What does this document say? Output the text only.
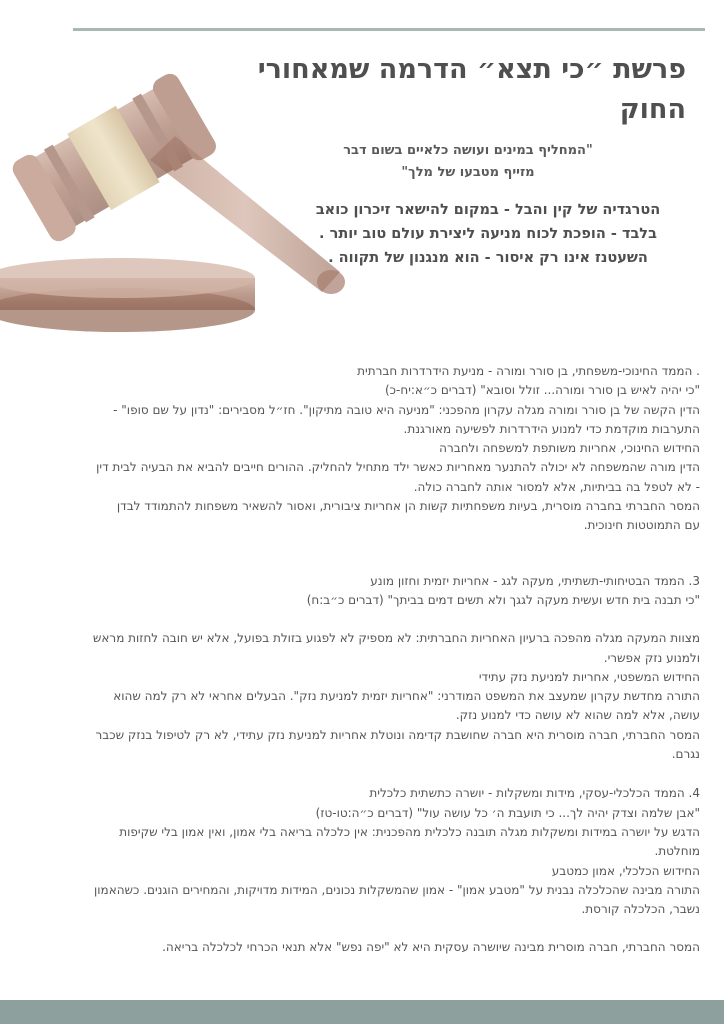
פרשת ״כי תצא״ הדרמה שמאחורי החוק
"המחליף במינים ועושה כלאיים בשום דבר
מזייף מטבעו של מלך"
הטרגדיה של קין והבל - במקום להישאר זיכרון כואב
בלבד - הופכת לכוח מניעה ליצירת עולם טוב יותר .
השעטנז אינו רק איסור - הוא מנגנון של תקווה .

. הממד החינוכי-משפחתי, בן סורר ומורה - מניעת הידרדרות חברתית

"כי יהיה לאיש בן סורר ומורה... זולל וסובא" (דברים כ״א:יח-כ)

הדין הקשה של בן סורר ומורה מגלה עקרון מהפכני: "מניעה היא טובה מתיקון". חז״ל מסבירים: "נדון על שם סופו" -

התערבות מוקדמת כדי למנוע הידרדרות לפשיעה מאורגנת.

החידוש החינוכי, אחריות משותפת למשפחה ולחברה

הדין מורה שהמשפחה לא יכולה להתנער מאחריות כאשר ילד מתחיל להחליק. ההורים חייבים להביא את הבעיה לבית דין

- לא לטפל בה בביתיות, אלא למסור אותה לחברה כולה.

המסר החברתי בחברה מוסרית, בעיות משפחתיות קשות הן אחריות ציבורית, ואסור להשאיר משפחות להתמודד לבדן

עם התמוטטות חינוכית.

3. הממד הבטיחותי-תשתיתי, מעקה לגג - אחריות יזמית וחזון מונע

"כי תבנה בית חדש ועשית מעקה לגגך ולא תשים דמים בביתך" (דברים כ״ב:ח)

מצוות המעקה מגלה מהפכה ברעיון האחריות החברתית: לא מספיק לא לפגוע בזולת בפועל, אלא יש חובה לחזות מראש

ולמנוע נזק אפשרי.

החידוש המשפטי, אחריות למניעת נזק עתידי

התורה מחדשת עקרון שמעצב את המשפט המודרני: "אחריות יזמית למניעת נזק". הבעלים אחראי לא רק למה שהוא

עושה, אלא למה שהוא לא עושה כדי למנוע נזק.

המסר החברתי, חברה מוסרית היא חברה שחושבת קדימה ונוטלת אחריות למניעת נזק עתידי, לא רק לטיפול בנזק שכבר

נגרם.

4. הממד הכלכלי-עסקי, מידות ומשקלות - יושרה כתשתית כלכלית

"אבן שלמה וצדק יהיה לך... כי תועבת ה׳ כל עושה עול" (דברים כ״ה:טו-טז)

הדגש על יושרה במידות ומשקלות מגלה תובנה כלכלית מהפכנית: אין כלכלה בריאה בלי אמון, ואין אמון בלי שקיפות

מוחלטת.

החידוש הכלכלי, אמון כמטבע

התורה מבינה שהכלכלה נבנית על "מטבע אמון" - אמון שהמשקלות נכונים, המידות מדויקות, והמחירים הוגנים. כשהאמון

נשבר, הכלכלה קורסת.

המסר החברתי, חברה מוסרית מבינה שיושרה עסקית היא לא "יפה נפש" אלא תנאי הכרחי לכלכלה בריאה.
